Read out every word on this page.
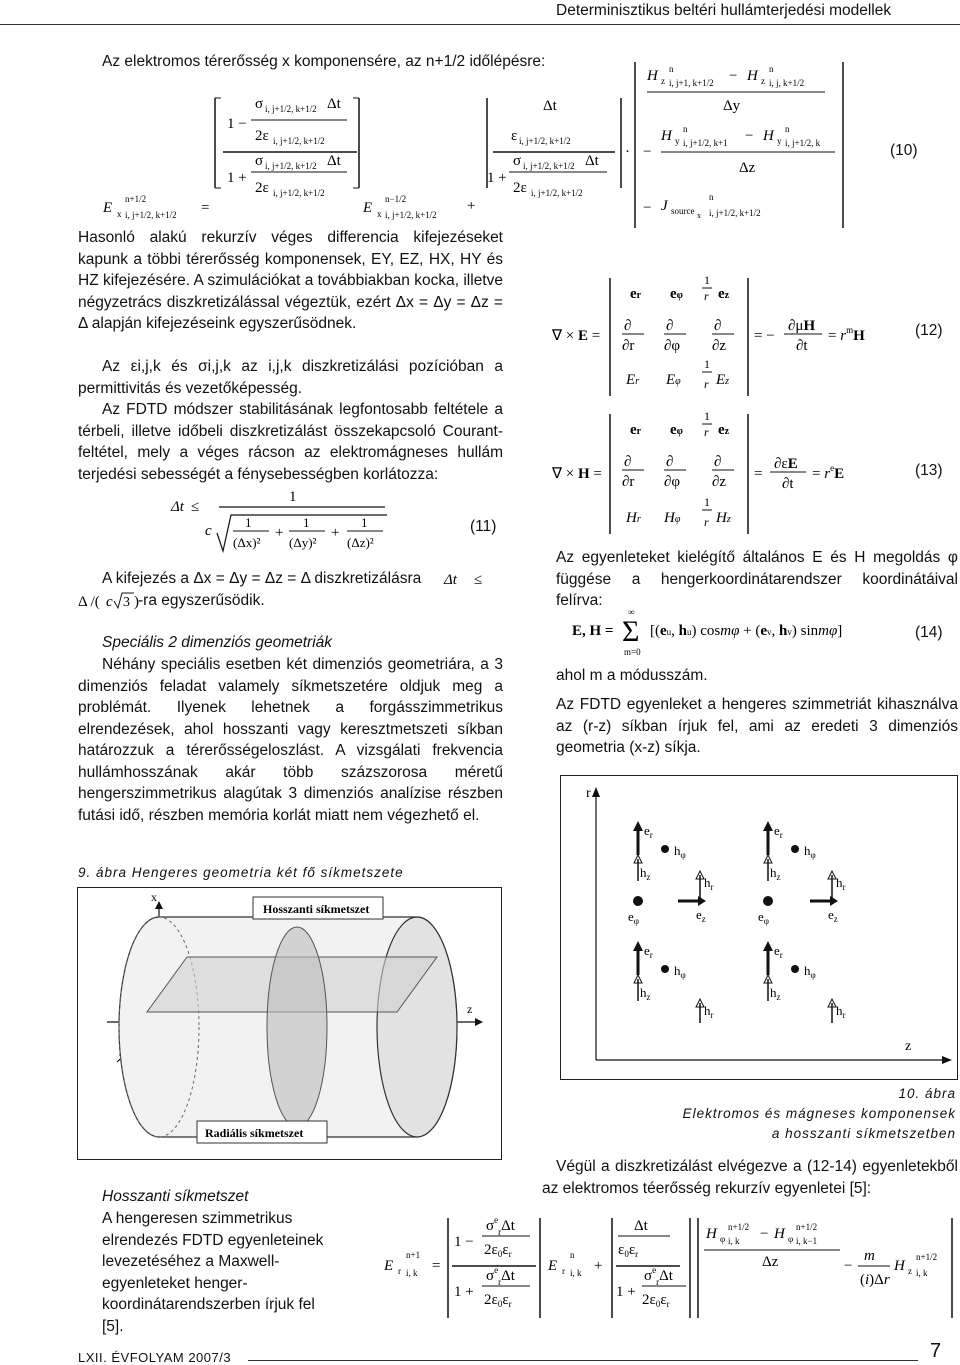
Determinisztikus beltéri hullámterjedési modellek
Az elektromos térerősség x komponensére, az n+1/2 időlépésre:
E x
n+1/2
i, j+1/2, k+1/2 =
1 −
σ i, j+1/2, k+1/2 Δt
2ε i, j+1/2, k+1/2
σ i, j+1/2, k+1/2 Δt
1 +
2ε i, j+1/2, k+1/2
E x
n−1/2
i, j+1/2, k+1/2
+
Δt
ε i, j+1/2, k+1/2
σ i, j+1/2, k+1/2 Δt
1 +
2ε i, j+1/2, k+1/2
·
H z
n
i, j+1, k+1/2 − H z
n
i, j, k+1/2
Δy
−
H y
n
i, j+1/2, k+1 − H y
n
i, j+1/2, k
Δz
− J source x
n
i, j+1/2, k+1/2
(10)
Hasonló alakú rekurzív véges differencia kifejezéseket kapunk a többi térerősség komponensek, EY, EZ, HX, HY és HZ kifejezésére. A szimulációkat a továbbiakban kocka, illetve négyzetrács diszkretizálással végeztük, ezért Δx = Δy = Δz = Δ alapján kifejezéseink egyszerűsödnek.
Az εi,j,k és σi,j,k az i,j,k diszkretizálási pozícióban a permittivitás és vezetőképesség.
Az FDTD módszer stabilitásának legfontosabb feltétele a térbeli, illetve időbeli diszkretizálást összekapcsoló Courant-feltétel, mely a véges rácson az elektromágneses hullám terjedési sebességét a fénysebességben korlátozza:
Δt ≤
1
c
1
(Δx)²
+
1
(Δy)²
+
1
(Δz)²
(11)
A kifejezés a Δx = Δy = Δz = Δ diszkretizálásra	Δt ≤
Δ /( c 3 ) -ra egyszerűsödik.
Speciális 2 dimenziós geometriák
Néhány speciális esetben két dimenziós geometriára, a 3 dimenziós feladat valamely síkmetszetére oldjuk meg a problémát. Ilyenek lehetnek a forgásszimmetrikus elrendezések, ahol hosszanti vagy keresztmetszeti síkban határozzuk a térerősségeloszlást. A vizsgálati frekvencia hullámhosszának akár több százszorosa méretű hengerszimmetrikus alagútak 3 dimenziós analízise részben futási idő, részben memória korlát miatt nem végezhető el.
9. ábra Hengeres geometria két fő síkmetszete
x
z
Hosszanti síkmetszet
Radiális síkmetszet
Hosszanti síkmetszet
A hengeresen szimmetrikus elrendezés FDTD egyenleteinek levezetéséhez a Maxwell-egyenleteket henger-koordinátarendszerben írjuk fel [5].
∇ × E =
er eφ
1
r ez
∂
∂r
∂
∂φ
∂
∂z
Er Eφ
1
r Ez
= −
∂μH
∂t
= $r^mH$
∇ × H =
er eφ
1
r ez
∂
∂r
∂
∂φ
∂
∂z
Hr Hφ
1
r Hz
=
∂εE
∂t
= $r^eE$
(12)
(13)
Az egyenleteket kielégítő általános E és H megoldás φ függése a hengerkoordinátarendszer koordinátáival felírva:
E, H = Σ
∞
m=0
[(eu, hu) cosmφ + (ev, hv) sinmφ]	(14)
ahol m a módusszám.
Az FDTD egyenleket a hengeres szimmetriát kihasználva az (r-z) síkban írjuk fel, ami az eredeti 3 dimenziós geometria (x-z) síkja.
r
z
$e_r$
$h_\varphi$
$h_z$
$e_r$
$h_\varphi$
$h_z$
$h_r$
$e_\varphi$	$e_z$
$h_r$
$e_\varphi$	$e_z$
$e_r$
$h_\varphi$
$h_z$
$e_r$
$h_\varphi$
$h_z$
$h_r$	$h_r$
10. ábra
Elektromos és mágneses komponensek
a hosszanti síkmetszetben
Végül a diszkretizálást elvégezve a (12-14) egyenletekből az elektromos téerősség rekurzív egyenletei [5]:
E r
n+1
i, k =
1 −
$\sigma^e_r\Delta t$
$2\varepsilon_0\varepsilon_r$
1 +
$\sigma^e_r\Delta t$
$2\varepsilon_0\varepsilon_r$
E r
n
i, k +
Δt
$\varepsilon_0\varepsilon_r$
1 +
$\sigma^e_r\Delta t$
$2\varepsilon_0\varepsilon_r$
H φ
n+1/2
i, k − H φ
n+1/2
i, k−1
Δz	−
m
(i)Δr
H z
n+1/2
i, k
LXII. ÉVFOLYAM 2007/3	7
